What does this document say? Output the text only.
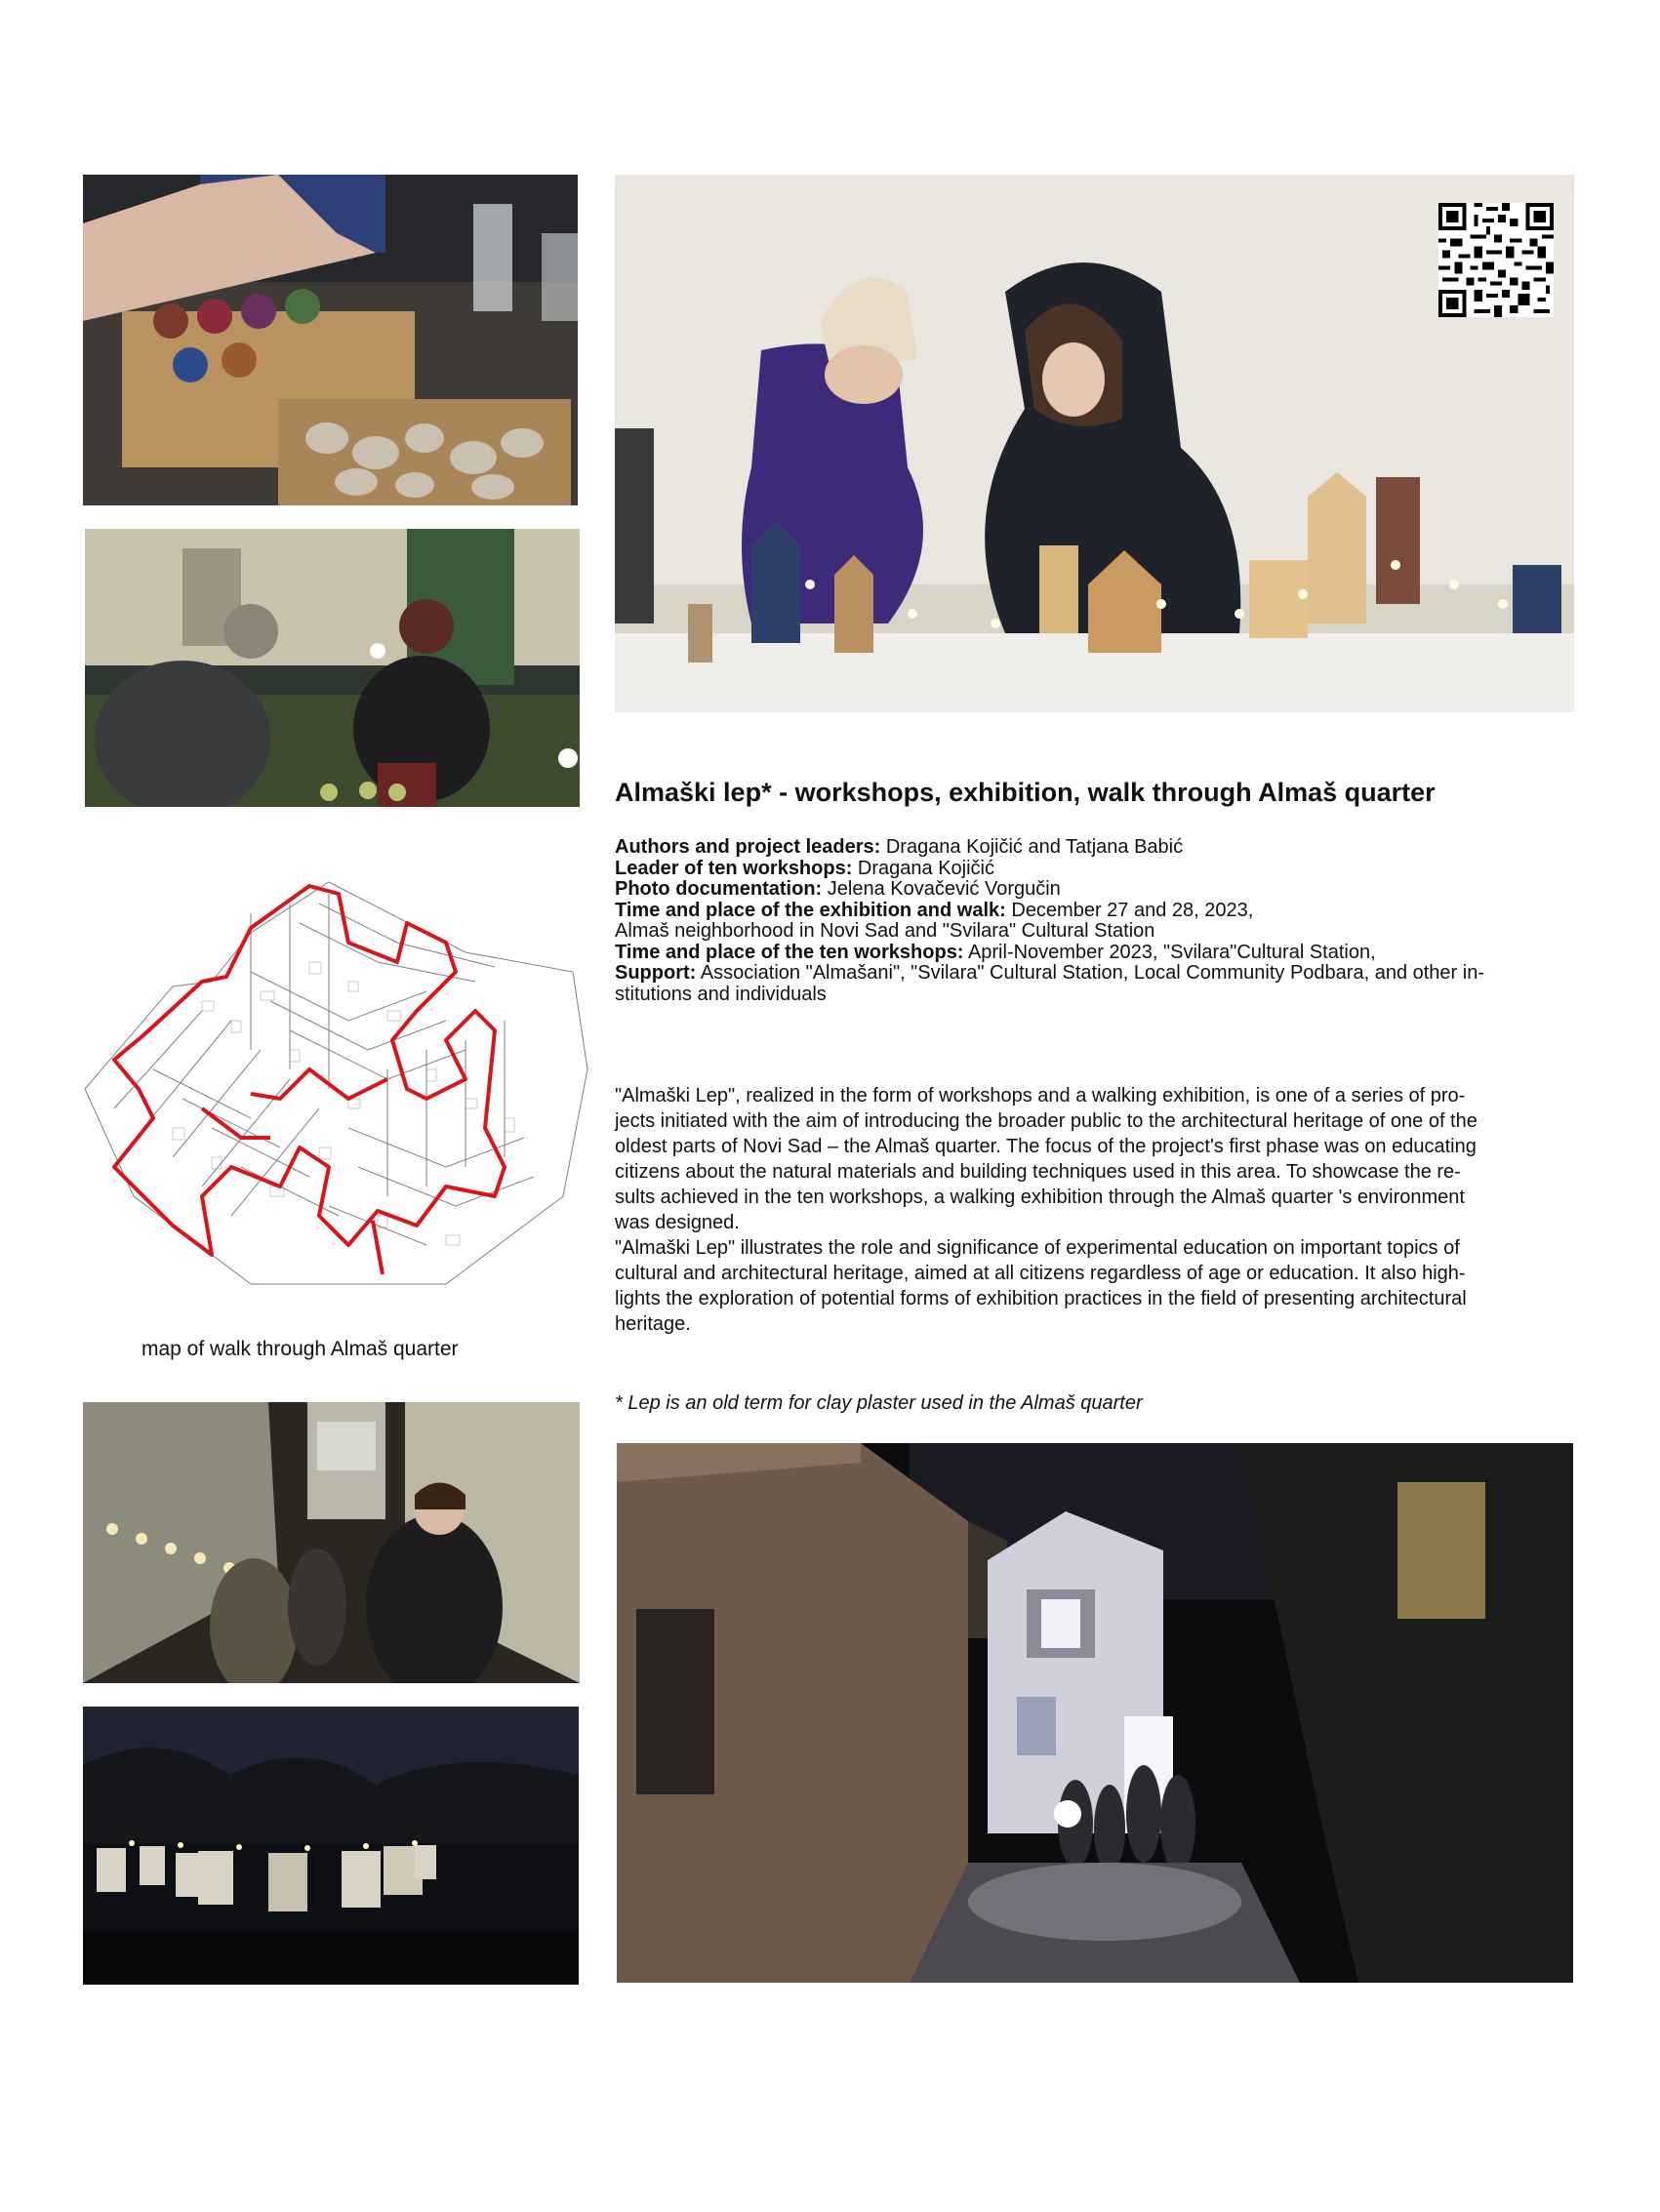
Almaški lep* - workshops, exhibition, walk through Almaš quarter
Authors and project leaders: Dragana Kojičić and Tatjana Babić
Leader of ten workshops: Dragana Kojičić
Photo documentation: Jelena Kovačević Vorgučin
Time and place of the exhibition and walk: December 27 and 28, 2023,
Almaš neighborhood in Novi Sad and "Svilara" Cultural Station
Time and place of the ten workshops: April-November 2023, "Svilara"Cultural Station,
Support: Association "Almašani", "Svilara" Cultural Station, Local Community Podbara, and other in-
stitutions and individuals
"Almaški Lep", realized in the form of workshops and a walking exhibition, is one of a series of pro-
jects initiated with the aim of introducing the broader public to the architectural heritage of one of the
oldest parts of Novi Sad – the Almaš quarter. The focus of the project's first phase was on educating
citizens about the natural materials and building techniques used in this area. To showcase the re-
sults achieved in the ten workshops, a walking exhibition through the Almaš quarter 's environment
was designed.
"Almaški Lep" illustrates the role and significance of experimental education on important topics of
cultural and architectural heritage, aimed at all citizens regardless of age or education. It also high-
lights the exploration of potential forms of exhibition practices in the field of presenting architectural
heritage.
map of walk through Almaš quarter
* Lep is an old term for clay plaster used in the Almaš quarter
